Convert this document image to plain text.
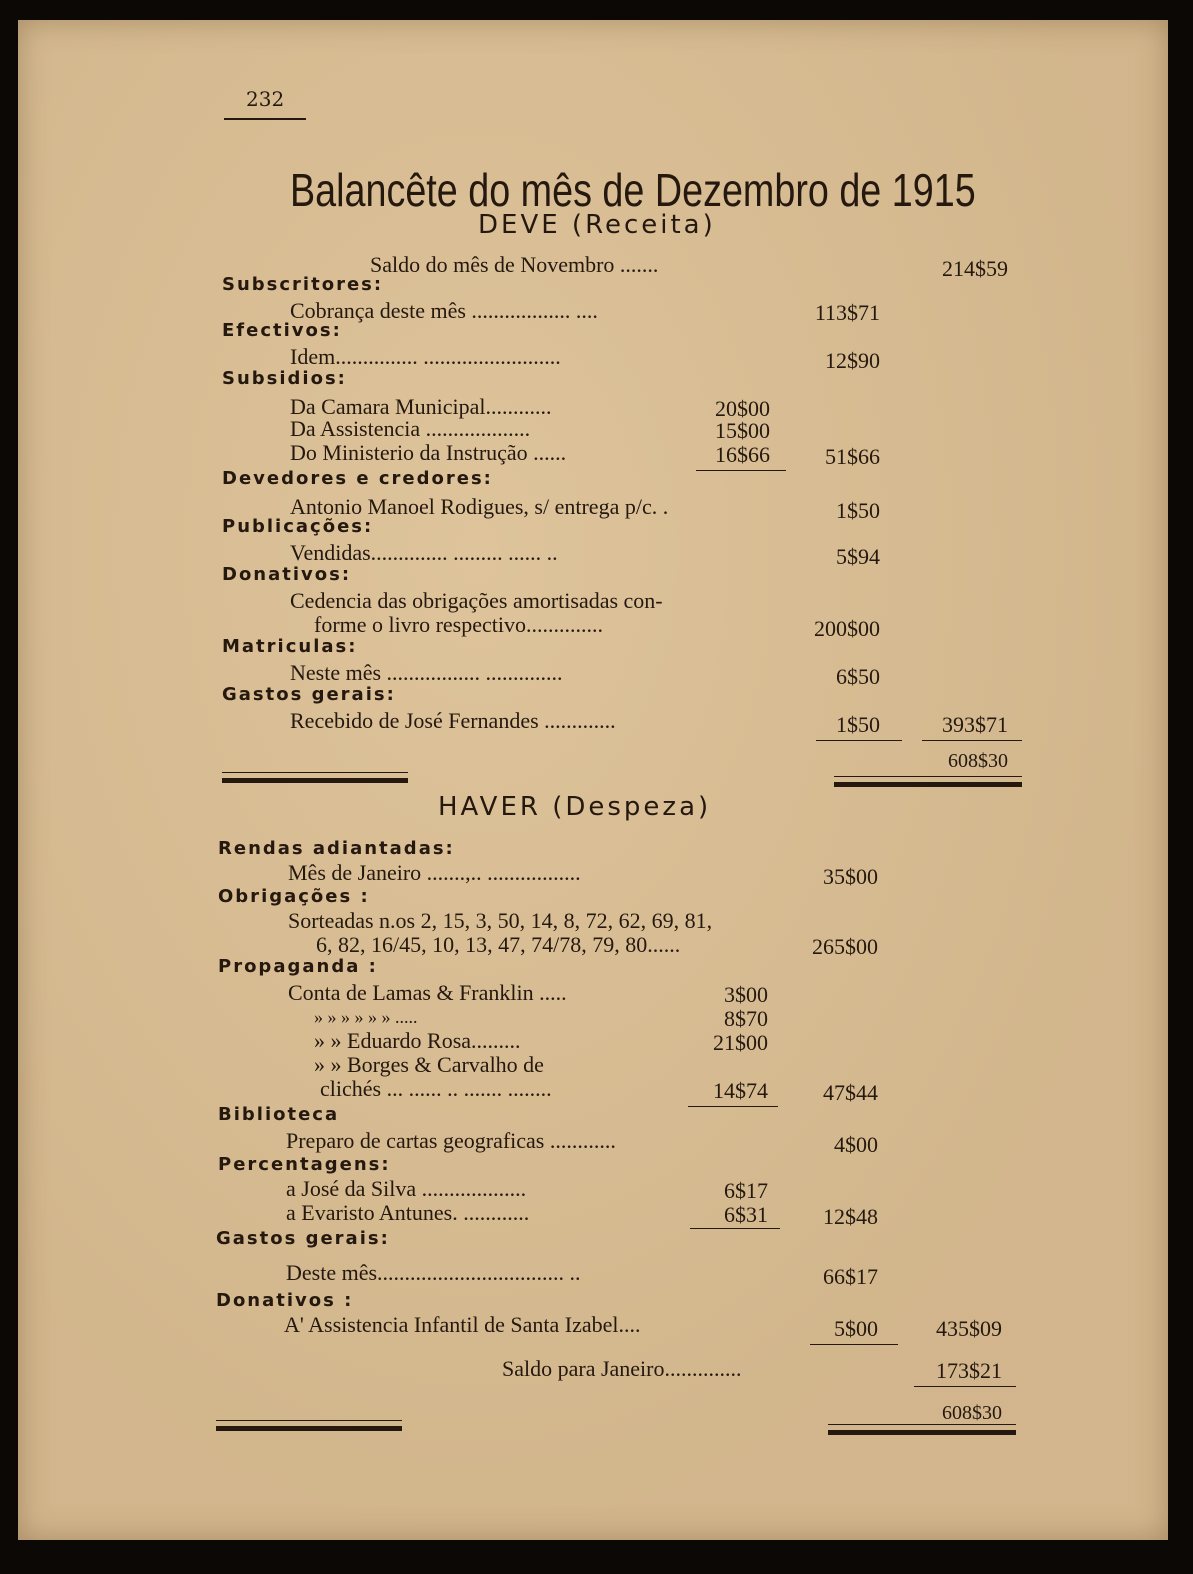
232
Balancête do mês de Dezembro de 1915
DEVE (Receita)
Saldo do mês de Novembro .......	214$59
Subscritores:
Cobrança deste mês .................. ....	113$71
Efectivos:
Idem............... .........................	12$90
Subsidios:
Da Camara Municipal............	20$00
Da Assistencia ...................	15$00
Do Ministerio da Instrução ......	16$66	51$66
Devedores e credores:
Antonio Manoel Rodigues, s/ entrega p/c. .	1$50
Publicações:
Vendidas.............. ......... ...... ..	5$94
Donativos:
Cedencia das obrigações amortisadas con-
forme o livro respectivo..............	200$00
Matriculas:
Neste mês ................. ..............	6$50
Gastos gerais:
Recebido de José Fernandes .............	1$50	393$71
608$30
HAVER (Despeza)
Rendas adiantadas:
Mês de Janeiro .......,.. .................	35$00
Obrigações :
Sorteadas n.os 2, 15, 3, 50, 14, 8, 72, 62, 69, 81,
6, 82, 16/45, 10, 13, 47, 74/78, 79, 80......	265$00
Propaganda :
Conta de Lamas & Franklin .....	3$00
» » » » » » .....	8$70
» » Eduardo Rosa.........	21$00
» » Borges & Carvalho de
clichés ... ...... .. ....... ........	14$74	47$44
Biblioteca
Preparo de cartas geograficas ............	4$00
Percentagens:
a José da Silva ...................	6$17
a Evaristo Antunes. ............	6$31	12$48
Gastos gerais:
Deste mês.................................. ..	66$17
Donativos :
A' Assistencia Infantil de Santa Izabel....	5$00	435$09
Saldo para Janeiro..............	173$21
608$30
